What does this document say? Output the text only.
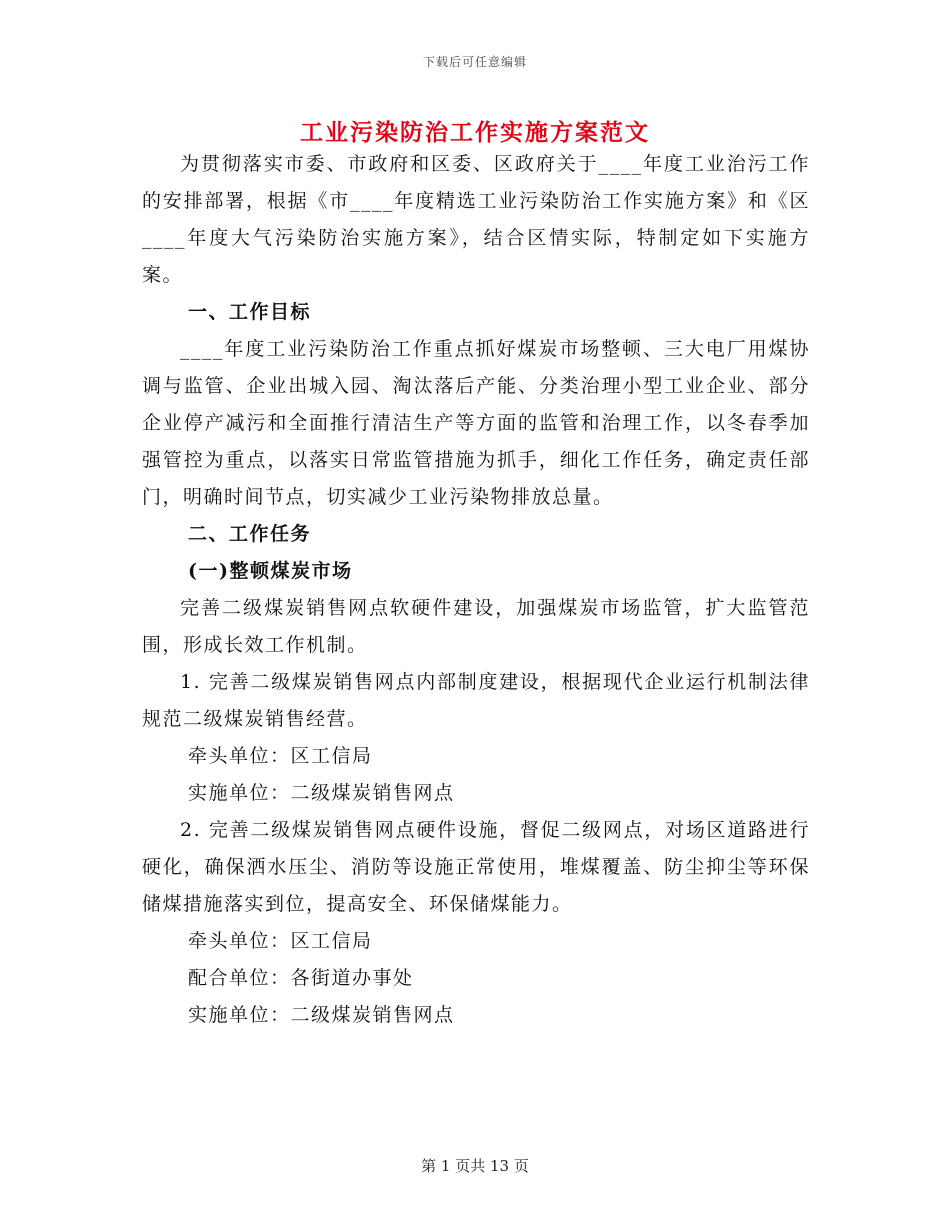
下载后可任意编辑
工业污染防治工作实施方案范文

为贯彻落实市委、市政府和区委、区政府关于____年度工业治污工作的安排部署，根据《市____年度精选工业污染防治工作实施方案》和《区____年度大气污染防治实施方案》，结合区情实际，特制定如下实施方案。

一、工作目标

____年度工业污染防治工作重点抓好煤炭市场整顿、三大电厂用煤协调与监管、企业出城入园、淘汰落后产能、分类治理小型工业企业、部分企业停产减污和全面推行清洁生产等方面的监管和治理工作，以冬春季加强管控为重点，以落实日常监管措施为抓手，细化工作任务，确定责任部门，明确时间节点，切实减少工业污染物排放总量。

二、工作任务

(一)整顿煤炭市场

完善二级煤炭销售网点软硬件建设，加强煤炭市场监管，扩大监管范围，形成长效工作机制。

1. 完善二级煤炭销售网点内部制度建设，根据现代企业运行机制法律规范二级煤炭销售经营。

牵头单位：区工信局

实施单位：二级煤炭销售网点

2. 完善二级煤炭销售网点硬件设施，督促二级网点，对场区道路进行硬化，确保洒水压尘、消防等设施正常使用，堆煤覆盖、防尘抑尘等环保储煤措施落实到位，提高安全、环保储煤能力。

牵头单位：区工信局

配合单位：各街道办事处

实施单位：二级煤炭销售网点

第 1 页共 13 页
